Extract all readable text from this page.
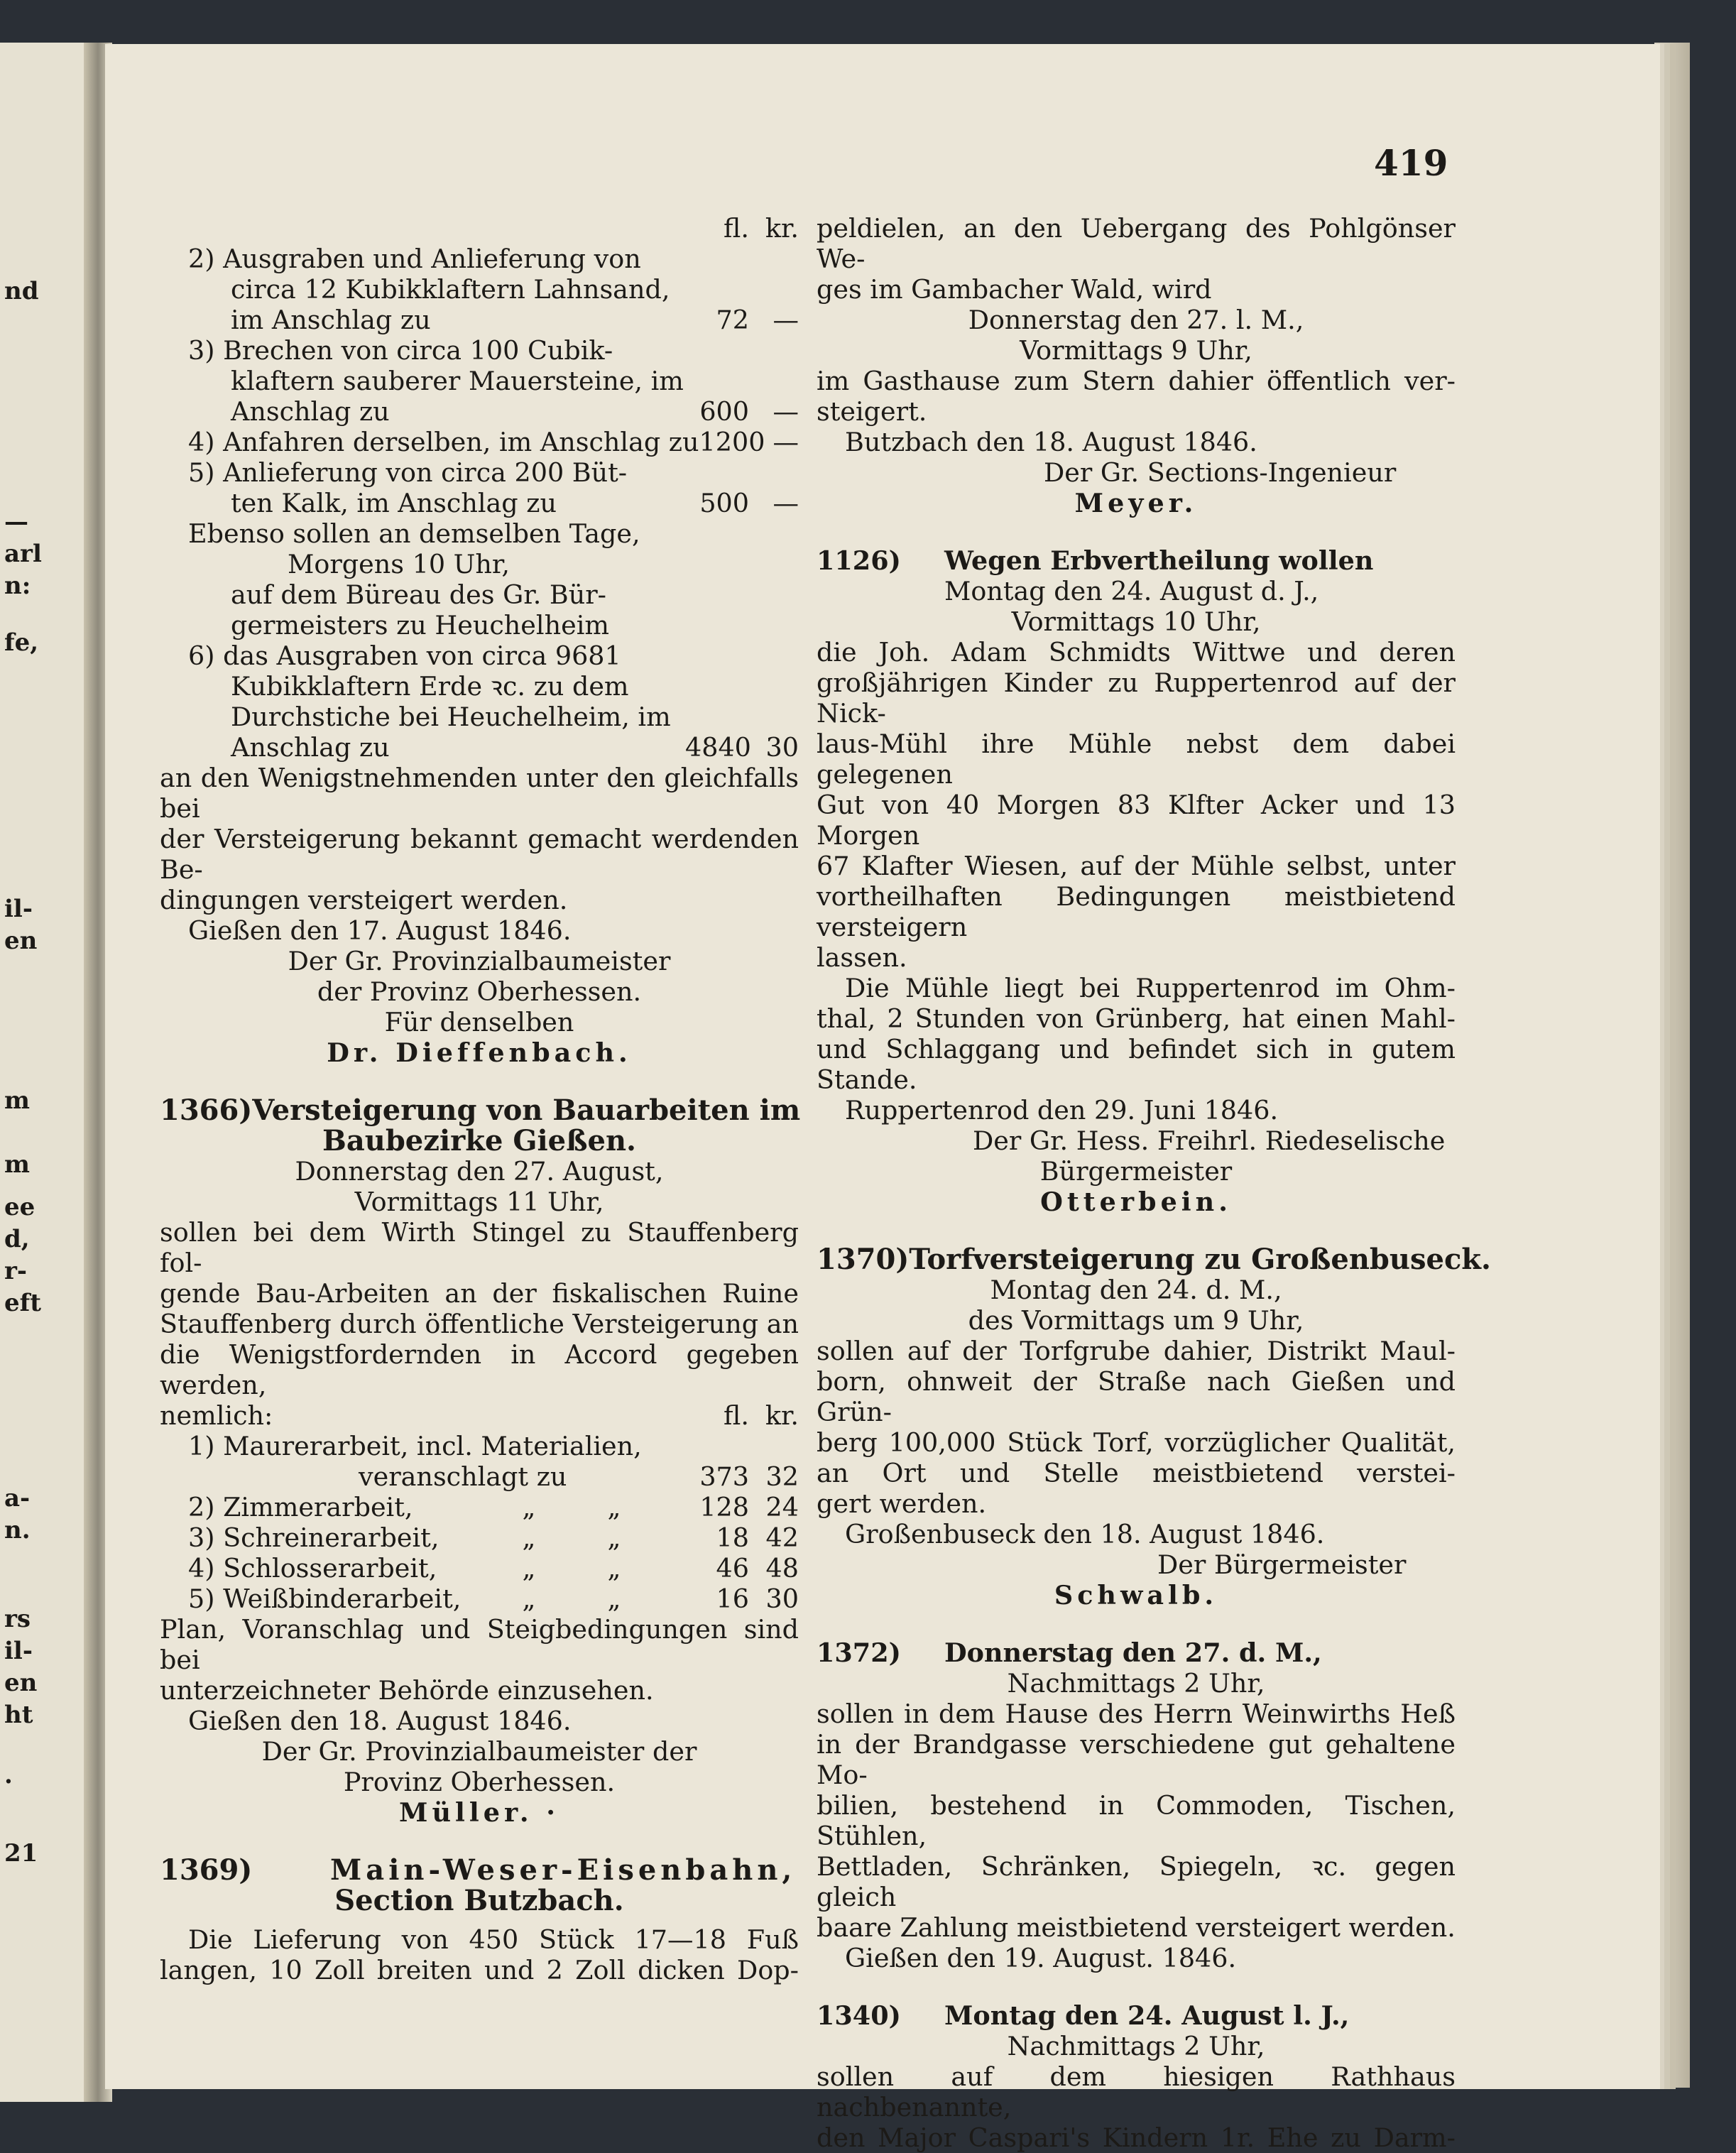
nd
—
arl
n:
fe,
il-
en
m
m
ee
d,
r-
eft
a-
n.
rs
il-
en
ht
.
21
419
fl. kr.
2) Ausgraben und Anlieferung von
circa 12 Kubikklaftern Lahnsand,
im Anschlag zu	72 —
3) Brechen von circa 100 Cubik-
klaftern sauberer Mauersteine, im
Anschlag zu	600 —
4) Anfahren derselben, im Anschlag zu 1200 —
5) Anlieferung von circa 200 Büt-
ten Kalk, im Anschlag zu	500 —
Ebenso sollen an demselben Tage,
Morgens 10 Uhr,
auf dem Büreau des Gr. Bür-
germeisters zu Heuchelheim
6) das Ausgraben von circa 9681
Kubikklaftern Erde ꝛc. zu dem
Durchstiche bei Heuchelheim, im
Anschlag zu	4840 30
an den Wenigstnehmenden unter den gleichfalls bei
der Versteigerung bekannt gemacht werdenden Be-
dingungen versteigert werden.
Gießen den 17. August 1846.
Der Gr. Provinzialbaumeister
der Provinz Oberhessen.
Für denselben
Dr. Dieffenbach.
1366) Versteigerung von Bauarbeiten im
Baubezirke Gießen.
Donnerstag den 27. August,
Vormittags 11 Uhr,
sollen bei dem Wirth Stingel zu Stauffenberg fol-
gende Bau-Arbeiten an der fiskalischen Ruine
Stauffenberg durch öffentliche Versteigerung an
die Wenigstfordernden in Accord gegeben werden,
nemlich:	fl. kr.
1) Maurerarbeit, incl. Materialien,
veranschlagt zu	373 32
2) Zimmerarbeit,	„	„	128 24
3) Schreinerarbeit,	„	„	18 42
4) Schlosserarbeit,	„	„	46 48
5) Weißbinderarbeit,	„	„	16 30
Plan, Voranschlag und Steigbedingungen sind bei
unterzeichneter Behörde einzusehen.
Gießen den 18. August 1846.
Der Gr. Provinzialbaumeister der
Provinz Oberhessen.
Müller. ·
1369)	Main-Weser-Eisenbahn,
Section Butzbach.
Die Lieferung von 450 Stück 17—18 Fuß
langen, 10 Zoll breiten und 2 Zoll dicken Dop-
peldielen, an den Uebergang des Pohlgönser We-
ges im Gambacher Wald, wird
Donnerstag den 27. l. M.,
Vormittags 9 Uhr,
im Gasthause zum Stern dahier öffentlich ver-
steigert.
Butzbach den 18. August 1846.
Der Gr. Sections-Ingenieur
Meyer.
1126)	Wegen Erbvertheilung wollen
Montag den 24. August d. J.,
Vormittags 10 Uhr,
die Joh. Adam Schmidts Wittwe und deren
großjährigen Kinder zu Ruppertenrod auf der Nick-
laus-Mühl ihre Mühle nebst dem dabei gelegenen
Gut von 40 Morgen 83 Klfter Acker und 13 Morgen
67 Klafter Wiesen, auf der Mühle selbst, unter
vortheilhaften Bedingungen meistbietend versteigern
lassen.
Die Mühle liegt bei Ruppertenrod im Ohm-
thal, 2 Stunden von Grünberg, hat einen Mahl-
und Schlaggang und befindet sich in gutem Stande.
Ruppertenrod den 29. Juni 1846.
Der Gr. Hess. Freihrl. Riedeselische
Bürgermeister
Otterbein.
1370) Torfversteigerung zu Großenbuseck.
Montag den 24. d. M.,
des Vormittags um 9 Uhr,
sollen auf der Torfgrube dahier, Distrikt Maul-
born, ohnweit der Straße nach Gießen und Grün-
berg 100,000 Stück Torf, vorzüglicher Qualität,
an Ort und Stelle meistbietend verstei-
gert werden.
Großenbuseck den 18. August 1846.
Der Bürgermeister
Schwalb.
1372)	Donnerstag den 27. d. M.,
Nachmittags 2 Uhr,
sollen in dem Hause des Herrn Weinwirths Heß
in der Brandgasse verschiedene gut gehaltene Mo-
bilien, bestehend in Commoden, Tischen, Stühlen,
Bettladen, Schränken, Spiegeln, ꝛc. gegen gleich
baare Zahlung meistbietend versteigert werden.
Gießen den 19. August. 1846.
1340)	Montag den 24. August l. J.,
Nachmittags 2 Uhr,
sollen auf dem hiesigen Rathhaus nachbenannte,
den Major Caspari's Kindern 1r. Ehe zu Darm-
